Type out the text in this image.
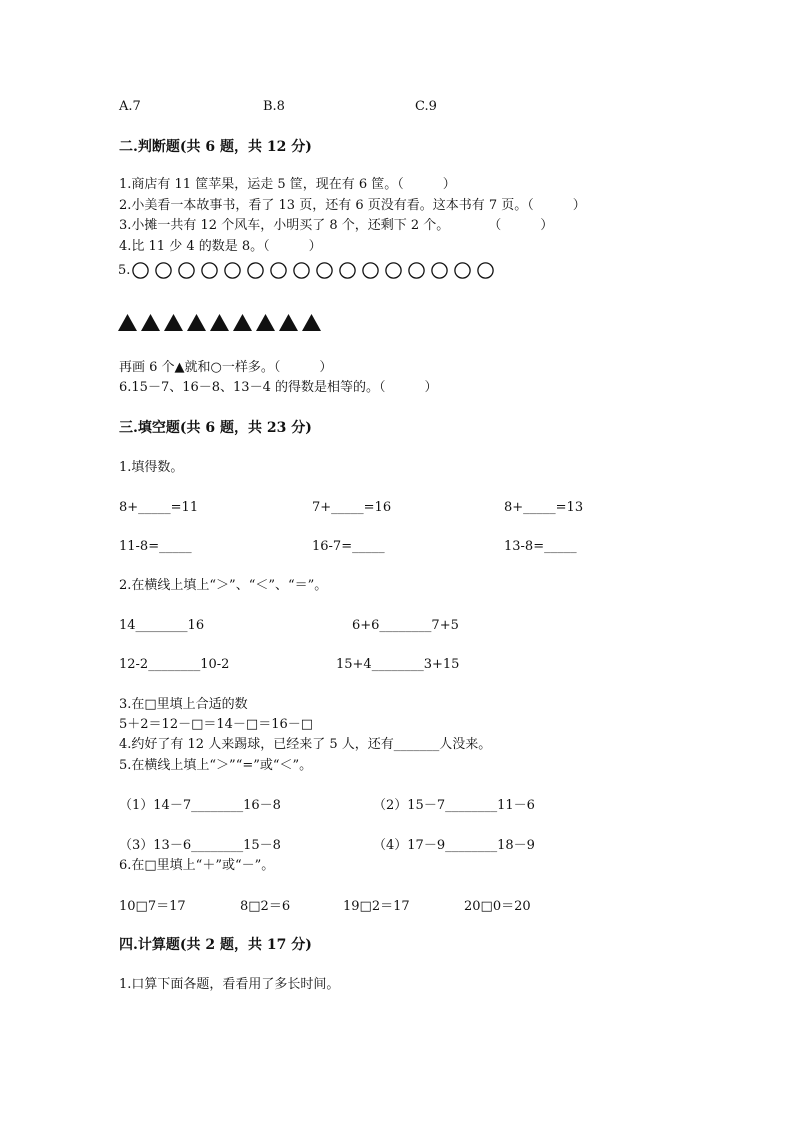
A.7	B.8	C.9
二.判断题(共 6 题，共 12 分)
1.商店有 11 筐苹果，运走 5 筐，现在有 6 筐。（　　　）
2.小美看一本故事书，看了 13 页，还有 6 页没有看。这本书有 7 页。（　　　）
3.小摊一共有 12 个风车，小明买了 8 个，还剩下 2 个。　　　　（　　　）
4.比 11 少 4 的数是 8。（　　　）
5.
再画 6 个▲就和○一样多。（　　　）
6.15－7、16－8、13－4 的得数是相等的。（　　　）
三.填空题(共 6 题，共 23 分)
1.填得数。
8+_____=11	7+_____=16	8+_____=13
11-8=_____	16-7=_____	13-8=_____
2.在横线上填上“＞”、“＜”、“＝”。
14________16	6+6________7+5
12-2________10-2	15+4________3+15
3.在□里填上合适的数
5＋2＝12－□＝14－□＝16－□
4.约好了有 12 人来踢球，已经来了 5 人，还有_______人没来。
5.在横线上填上“＞”“=”或“＜”。
（1）14－7________16－8	（2）15－7________11－6
（3）13－6________15－8	（4）17－9________18－9
6.在□里填上“＋”或“－”。
10□7＝17	8□2＝6	19□2＝17	20□0＝20
四.计算题(共 2 题，共 17 分)
1.口算下面各题，看看用了多长时间。
